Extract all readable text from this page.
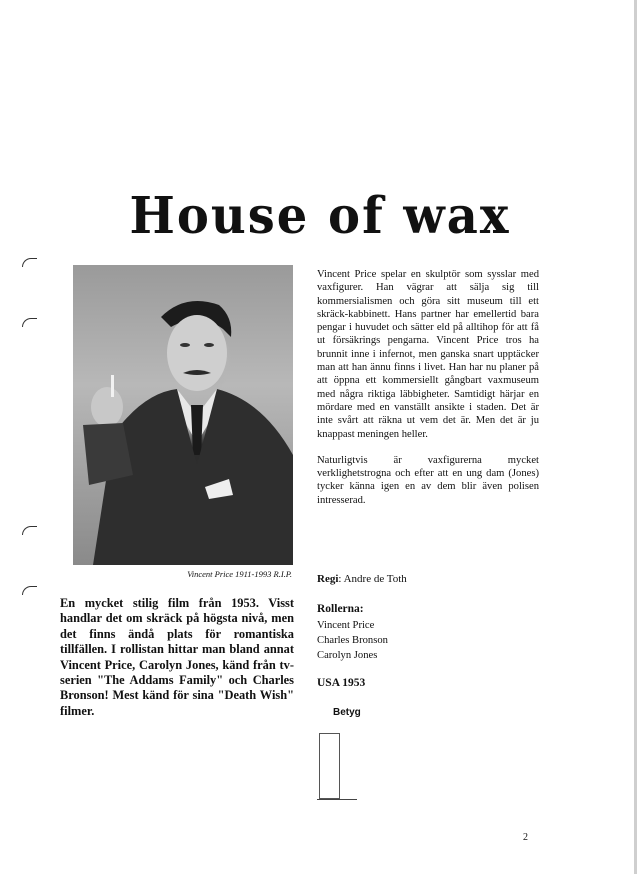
House of wax
Vincent Price 1911-1993 R.I.P.
En mycket stilig film från 1953. Visst handlar det om skräck på högsta nivå, men det finns ändå plats för romantiska tillfällen. I rollistan hittar man bland annat Vincent Price, Carolyn Jones, känd från tv-serien "The Addams Family" och Charles Bronson! Mest känd för sina "Death Wish" filmer.

Vincent Price spelar en skulptör som sysslar med vaxfigurer. Han vägrar att sälja sig till kommersialismen och göra sitt museum till ett skräck-kabbinett. Hans partner har emellertid bara pengar i huvudet och sätter eld på alltihop för att få ut försäkrings pengarna. Vincent Price tros ha brunnit inne i infernot, men ganska snart upptäcker man att han ännu finns i livet. Han har nu planer på att öppna ett kommersiellt gångbart vaxmuseum med några riktiga läbbigheter. Samtidigt härjar en mördare med en vanställt ansikte i staden. Det är inte svårt att räkna ut vem det är. Men det är ju knappast meningen heller.

Naturligtvis är vaxfigurerna mycket verklighetstrogna och efter att en ung dam (Jones) tycker känna igen en av dem blir även polisen intresserad.

Regi: Andre de Toth
Rollerna:
Vincent Price
Charles Bronson
Carolyn Jones
USA 1953
Betyg
2
